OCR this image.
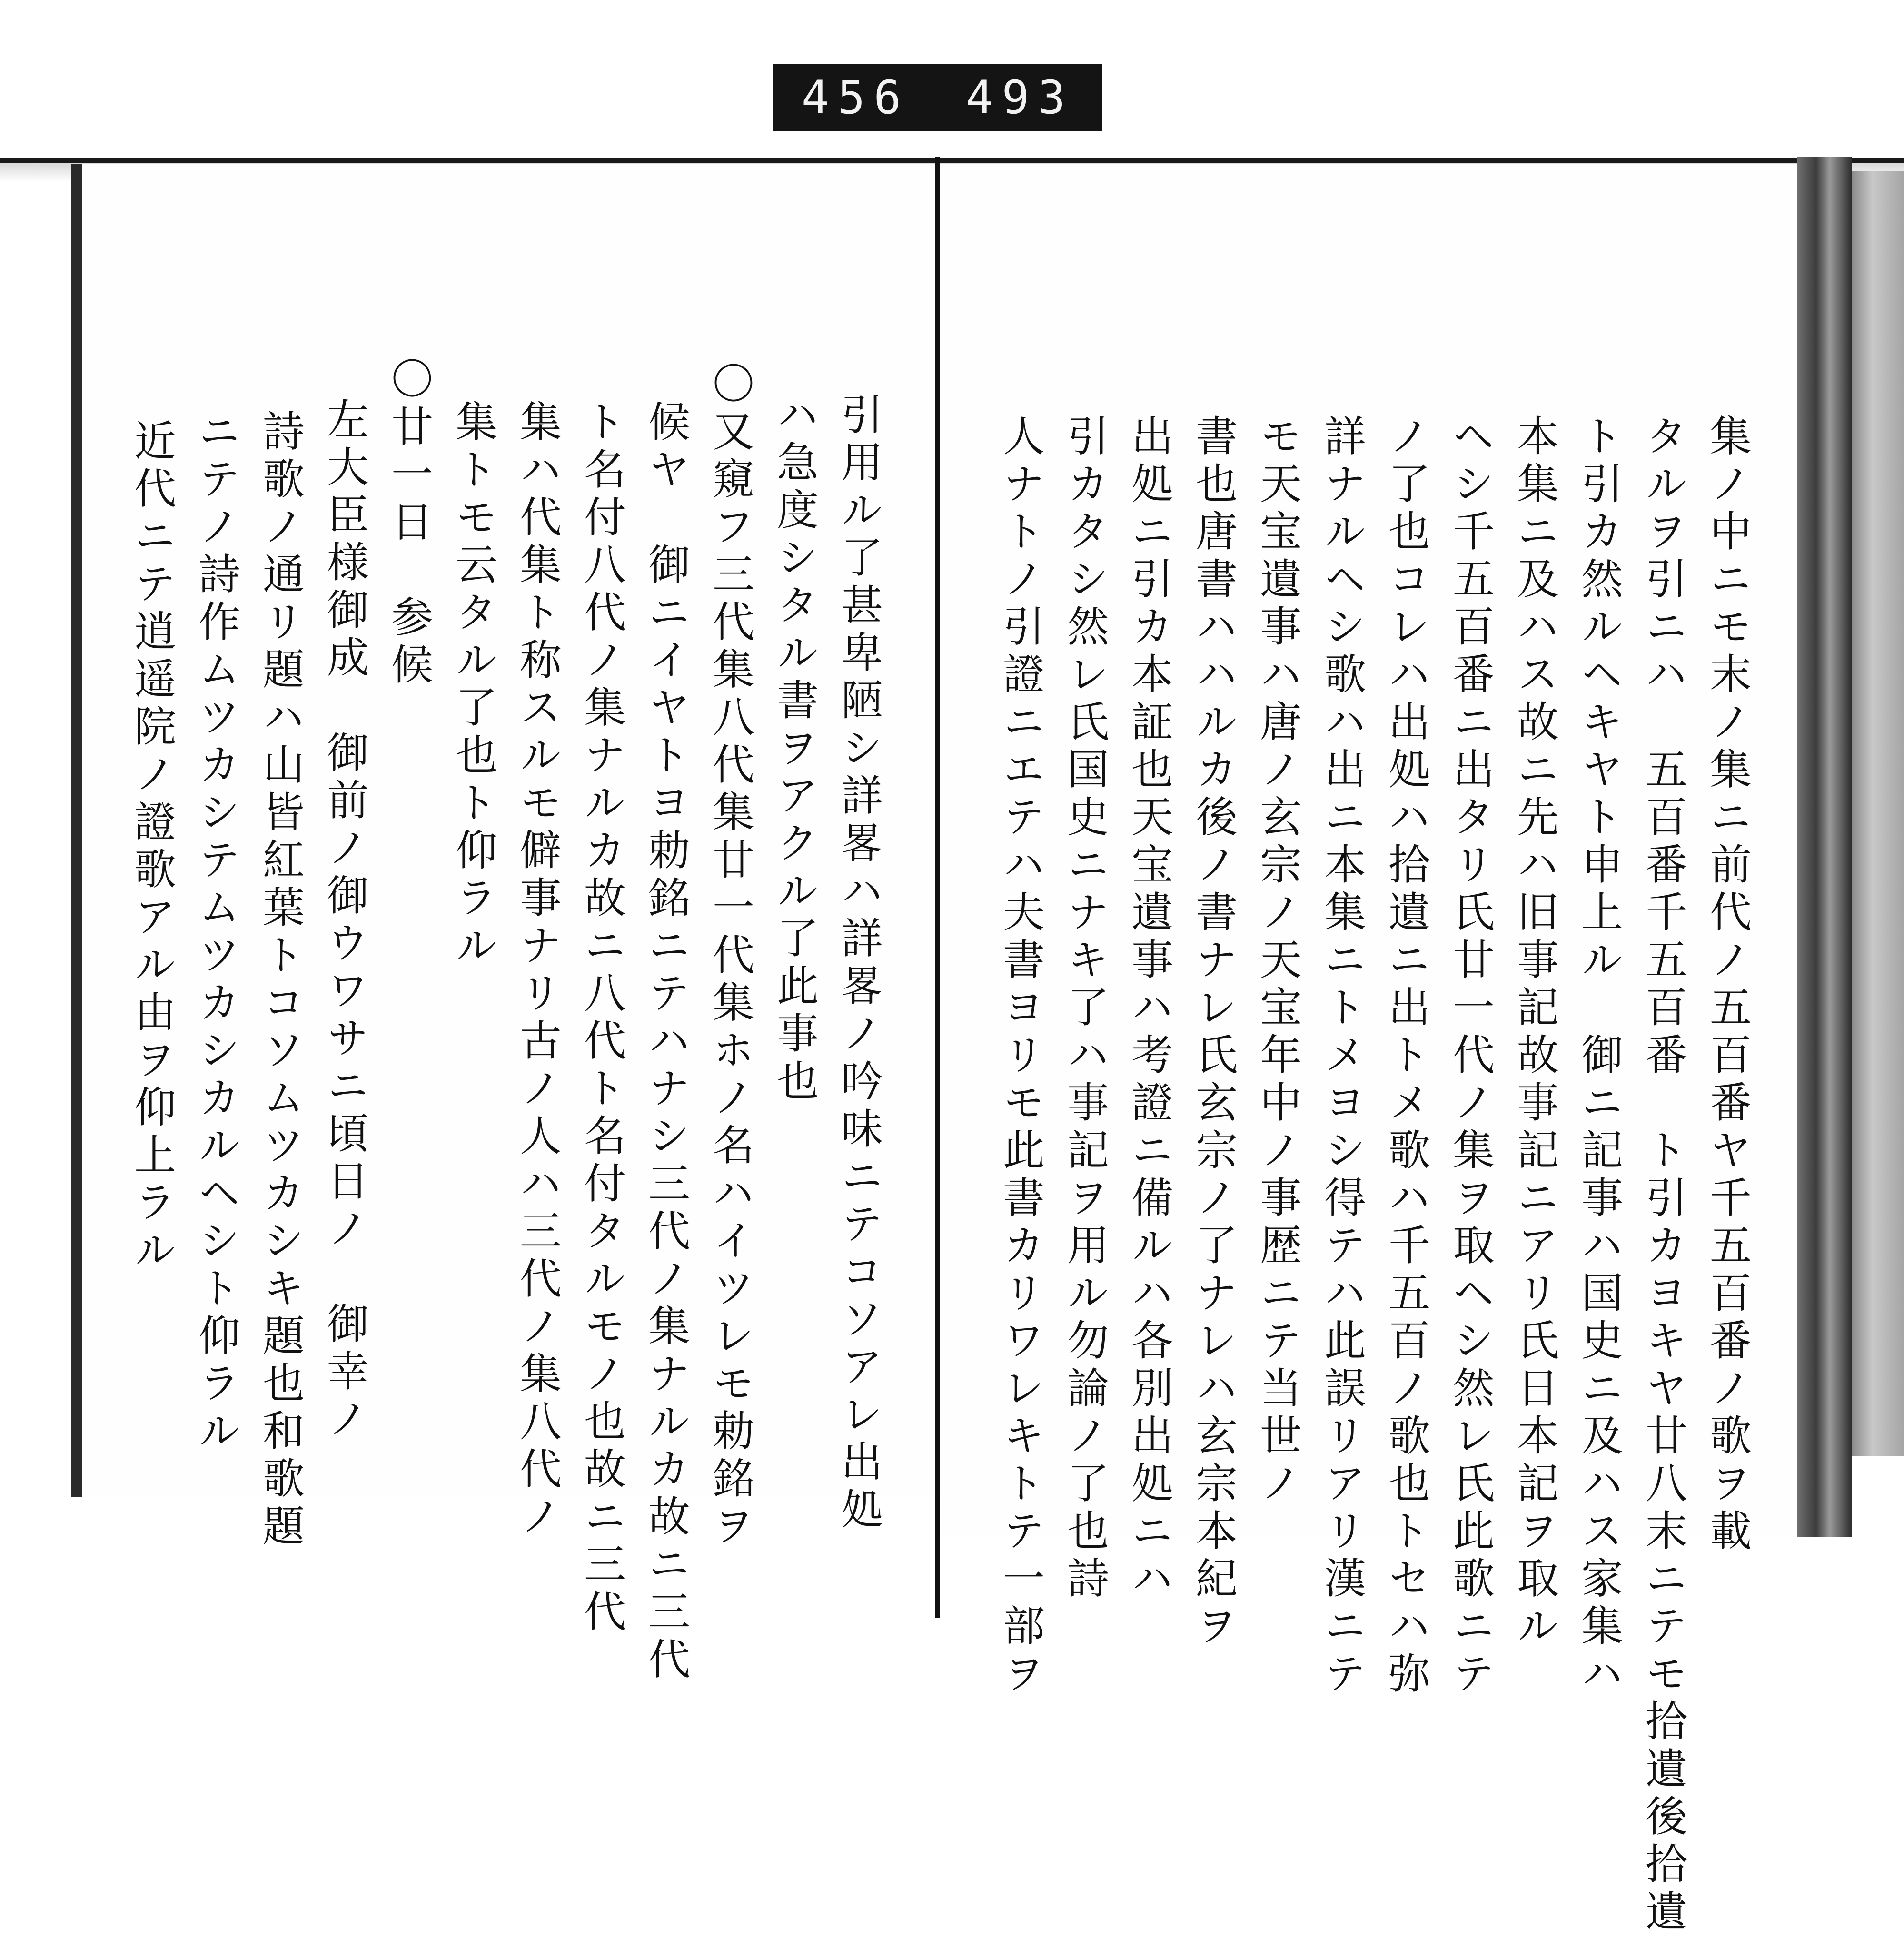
456 493
集ノ中ニモ末ノ集ニ前代ノ五百番ヤ千五百番ノ歌ヲ載
タルヲ引ニハ　五百番千五百番　ト引カヨキヤ廿八末ニテモ拾遺後拾遺
ト引カ然ルヘキヤト申上ル　御ニ記事ハ国史ニ及ハス家集ハ
本集ニ及ハス故ニ先ハ旧事記故事記ニアリ氏日本記ヲ取ル
ヘシ千五百番ニ出タリ氏廿一代ノ集ヲ取ヘシ然レ氏此歌ニテ
ノ了也コレハ出処ハ拾遺ニ出トメ歌ハ千五百ノ歌也トセハ弥
詳ナルヘシ歌ハ出ニ本集ニトメヨシ得テハ此誤リアリ漢ニテ
モ天宝遺事ハ唐ノ玄宗ノ天宝年中ノ事歴ニテ当世ノ
書也唐書ハハルカ後ノ書ナレ氏玄宗ノ了ナレハ玄宗本紀ヲ
出処ニ引カ本証也天宝遺事ハ考證ニ備ルハ各別出処ニハ
引カタシ然レ氏国史ニナキ了ハ事記ヲ用ル勿論ノ了也詩
人ナトノ引證ニエテハ夫書ヨリモ此書カリワレキトテ一部ヲ
引用ル了甚卑陋シ詳畧ハ詳畧ノ吟味ニテコソアレ出処
ハ急度シタル書ヲアクル了此事也
〇又窺フ三代集八代集廿一代集ホノ名ハイツレモ勅銘ヲ
候ヤ　御ニイヤトヨ勅銘ニテハナシ三代ノ集ナルカ故ニ三代
ト名付八代ノ集ナルカ故ニ八代ト名付タルモノ也故ニ三代
集ハ代集ト称スルモ僻事ナリ古ノ人ハ三代ノ集八代ノ
集トモ云タル了也ト仰ラル
〇廿一日　参候
左大臣様御成　御前ノ御ウワサニ頃日ノ　御幸ノ
詩歌ノ通リ題ハ山皆紅葉トコソムツカシキ題也和歌題
ニテノ詩作ムツカシテムツカシカルヘシト仰ラル
近代ニテ逍遥院ノ證歌アル由ヲ仰上ラル
